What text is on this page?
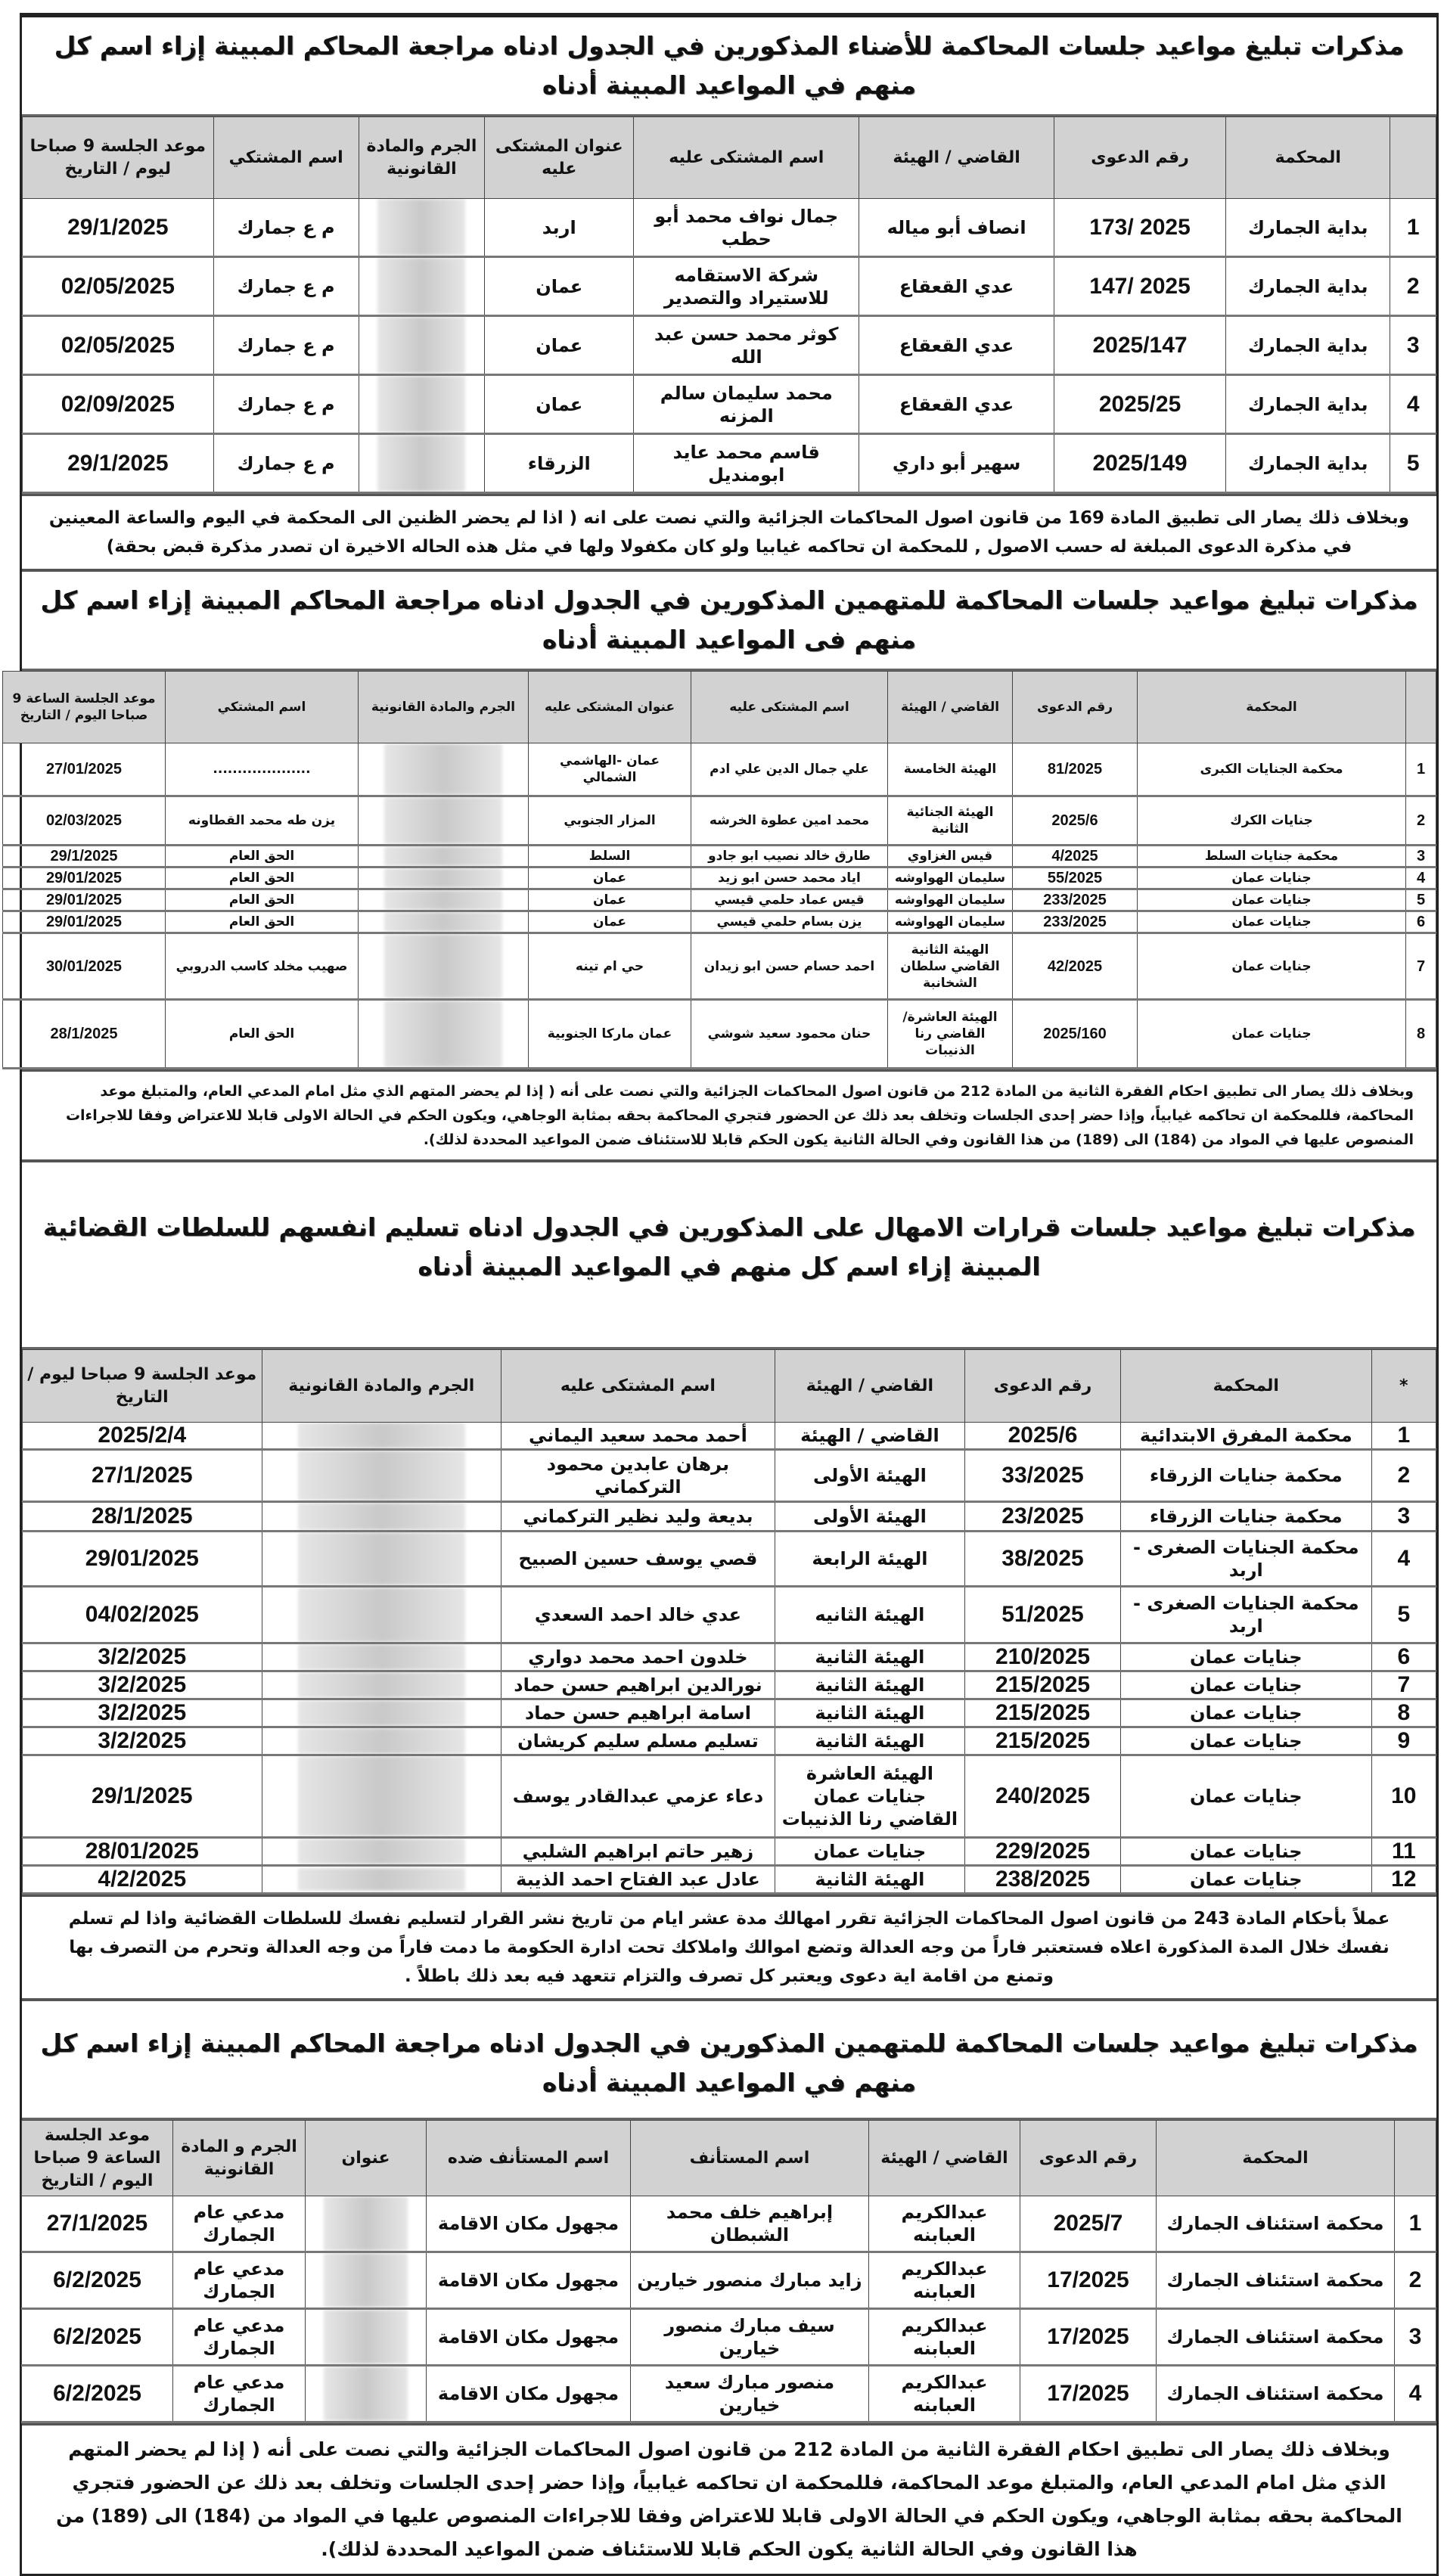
مذكرات تبليغ مواعيد جلسات المحاكمة للأضناء المذكورين في الجدول ادناه مراجعة المحاكم المبينة إزاء اسم كل منهم في المواعيد المبينة أدناه
	المحكمة	رقم الدعوى	القاضي / الهيئة	اسم المشتكى عليه	عنوان المشتكى عليه	الجرم والمادة القانونية	اسم المشتكي	موعد الجلسة 9 صباحا ليوم / التاريخ
1	بداية الجمارك	173/ 2025	انصاف أبو مياله	جمال نواف محمد أبو حطب	اربد		م ع جمارك	29/1/2025
2	بداية الجمارك	147/ 2025	عدي القعقاع	شركة الاستقامه للاستيراد والتصدير	عمان		م ع جمارك	02/05/2025
3	بداية الجمارك	2025/147	عدي القعقاع	كوثر محمد حسن عبد الله	عمان		م ع جمارك	02/05/2025
4	بداية الجمارك	2025/25	عدي القعقاع	محمد سليمان سالم المزنه	عمان		م ع جمارك	02/09/2025
5	بداية الجمارك	2025/149	سهير أبو داري	قاسم محمد عايد ابومنديل	الزرقاء		م ع جمارك	29/1/2025
وبخلاف ذلك يصار الى تطبيق المادة 169 من قانون اصول المحاكمات الجزائية والتي نصت على انه ( اذا لم يحضر الظنين الى المحكمة في اليوم والساعة المعينين في مذكرة الدعوى المبلغة له حسب الاصول , للمحكمة ان تحاكمه غيابيا ولو كان مكفولا ولها في مثل هذه الحاله الاخيرة ان تصدر مذكرة قبض بحقة)
مذكرات تبليغ مواعيد جلسات المحاكمة للمتهمين المذكورين في الجدول ادناه مراجعة المحاكم المبينة إزاء اسم كل منهم فى المواعيد المبينة أدناه
	المحكمة	رقم الدعوى	القاضي / الهيئة	اسم المشتكى عليه	عنوان المشتكى عليه	الجرم والمادة القانونية	اسم المشتكي	موعد الجلسة الساعة 9 صباحا اليوم / التاريخ
1	محكمة الجنايات الكبرى	81/2025	الهيئة الخامسة	علي جمال الدين علي ادم	عمان -الهاشمي الشمالي		....................	27/01/2025
2	جنايات الكرك	2025/6	الهيئة الجنائية الثانية	محمد امين عطوة الخرشه	المزار الجنوبي		يزن طه محمد القطاونه	02/03/2025
3	محكمة جنايات السلط	4/2025	قيس الغزاوي	طارق خالد نصيب ابو جادو	السلط		الحق العام	29/1/2025
4	جنايات عمان	55/2025	سليمان الهواوشه	اياد محمد حسن ابو زيد	عمان		الحق العام	29/01/2025
5	جنايات عمان	233/2025	سليمان الهواوشه	قيس عماد حلمي قيسي	عمان		الحق العام	29/01/2025
6	جنايات عمان	233/2025	سليمان الهواوشه	يزن بسام حلمي قيسي	عمان		الحق العام	29/01/2025
7	جنايات عمان	42/2025	الهيئة الثانية القاضي سلطان الشخانبة	احمد حسام حسن ابو زيدان	حي ام تينه		صهيب مخلد كاسب الدروبي	30/01/2025
8	جنايات عمان	2025/160	الهيئة العاشرة/القاضي رنا الذنيبات	حنان محمود سعيد شوشي	عمان ماركا الجنوبية		الحق العام	28/1/2025
وبخلاف ذلك يصار الى تطبيق احكام الفقرة الثانية من المادة 212 من قانون اصول المحاكمات الجزائية والتي نصت على أنه ( إذا لم يحضر المتهم الذي مثل امام المدعي العام، والمتبلغ موعد المحاكمة، فللمحكمة ان تحاكمه غيابياً، وإذا حضر إحدى الجلسات وتخلف بعد ذلك عن الحضور فتجري المحاكمة بحقه بمثابة الوجاهي، ويكون الحكم في الحالة الاولى قابلا للاعتراض وفقا للاجراءات المنصوص عليها في المواد من (184) الى (189) من هذا القانون وفي الحالة الثانية يكون الحكم قابلا للاستئناف ضمن المواعيد المحددة لذلك).
مذكرات تبليغ مواعيد جلسات قرارات الامهال على المذكورين في الجدول ادناه تسليم انفسهم للسلطات القضائية المبينة إزاء اسم كل منهم في المواعيد المبينة أدناه
*	المحكمة	رقم الدعوى	القاضي / الهيئة	اسم المشتكى عليه	الجرم والمادة القانونية	موعد الجلسة 9 صباحا ليوم / التاريخ
1	محكمة المفرق الابتدائية	2025/6	القاضي / الهيئة	أحمد محمد سعيد اليماني		2025/2/4
2	محكمة جنايات الزرقاء	33/2025	الهيئة الأولى	برهان عابدين محمود التركماني		27/1/2025
3	محكمة جنايات الزرقاء	23/2025	الهيئة الأولى	بديعة وليد نظير التركماني		28/1/2025
4	محكمة الجنايات الصغرى - اربد	38/2025	الهيئة الرابعة	قصي يوسف حسين الصبيح		29/01/2025
5	محكمة الجنايات الصغرى - اربد	51/2025	الهيئة الثانيه	عدي خالد احمد السعدي		04/02/2025
6	جنايات عمان	210/2025	الهيئة الثانية	خلدون احمد محمد دواري		3/2/2025
7	جنايات عمان	215/2025	الهيئة الثانية	نورالدين ابراهيم حسن حماد		3/2/2025
8	جنايات عمان	215/2025	الهيئة الثانية	اسامة ابراهيم حسن حماد		3/2/2025
9	جنايات عمان	215/2025	الهيئة الثانية	تسليم مسلم سليم كريشان		3/2/2025
10	جنايات عمان	240/2025	الهيئة العاشرة جنايات عمان القاضي رنا الذنيبات	دعاء عزمي عبدالقادر يوسف		29/1/2025
11	جنايات عمان	229/2025	جنايات عمان	زهير حاتم ابراهيم الشلبي		28/01/2025
12	جنايات عمان	238/2025	الهيئة الثانية	عادل عبد الفتاح احمد الذيبة		4/2/2025
عملاً بأحكام المادة 243 من قانون اصول المحاكمات الجزائية تقرر امهالك مدة عشر ايام من تاريخ نشر القرار لتسليم نفسك للسلطات القضائية واذا لم تسلم نفسك خلال المدة المذكورة اعلاه فستعتبر فاراً من وجه العدالة وتضع اموالك واملاكك تحت ادارة الحكومة ما دمت فاراً من وجه العدالة وتحرم من التصرف بها وتمنع من اقامة اية دعوى ويعتبر كل تصرف والتزام تتعهد فيه بعد ذلك باطلاً .
مذكرات تبليغ مواعيد جلسات المحاكمة للمتهمين المذكورين في الجدول ادناه مراجعة المحاكم المبينة إزاء اسم كل منهم في المواعيد المبينة أدناه
	المحكمة	رقم الدعوى	القاضي / الهيئة	اسم المستأنف	اسم المستأنف ضده	عنوان	الجرم و المادة القانونية	موعد الجلسة الساعة 9 صباحا اليوم / التاريخ
1	محكمة استئناف الجمارك	2025/7	عبدالكريم العبابنه	إبراهيم خلف محمد الشبطان	مجهول مكان الاقامة		مدعي عام الجمارك	27/1/2025
2	محكمة استئناف الجمارك	17/2025	عبدالكريم العبابنه	زايد مبارك منصور خيارين	مجهول مكان الاقامة		مدعي عام الجمارك	6/2/2025
3	محكمة استئناف الجمارك	17/2025	عبدالكريم العبابنه	سيف مبارك منصور خيارين	مجهول مكان الاقامة		مدعي عام الجمارك	6/2/2025
4	محكمة استئناف الجمارك	17/2025	عبدالكريم العبابنه	منصور مبارك سعيد خيارين	مجهول مكان الاقامة		مدعي عام الجمارك	6/2/2025
وبخلاف ذلك يصار الى تطبيق احكام الفقرة الثانية من المادة 212 من قانون اصول المحاكمات الجزائية والتي نصت على أنه ( إذا لم يحضر المتهم الذي مثل امام المدعي العام، والمتبلغ موعد المحاكمة، فللمحكمة ان تحاكمه غيابياً، وإذا حضر إحدى الجلسات وتخلف بعد ذلك عن الحضور فتجري المحاكمة بحقه بمثابة الوجاهي، ويكون الحكم في الحالة الاولى قابلا للاعتراض وفقا للاجراءات المنصوص عليها في المواد من (184) الى (189) من هذا القانون وفي الحالة الثانية يكون الحكم قابلا للاستئناف ضمن المواعيد المحددة لذلك).
